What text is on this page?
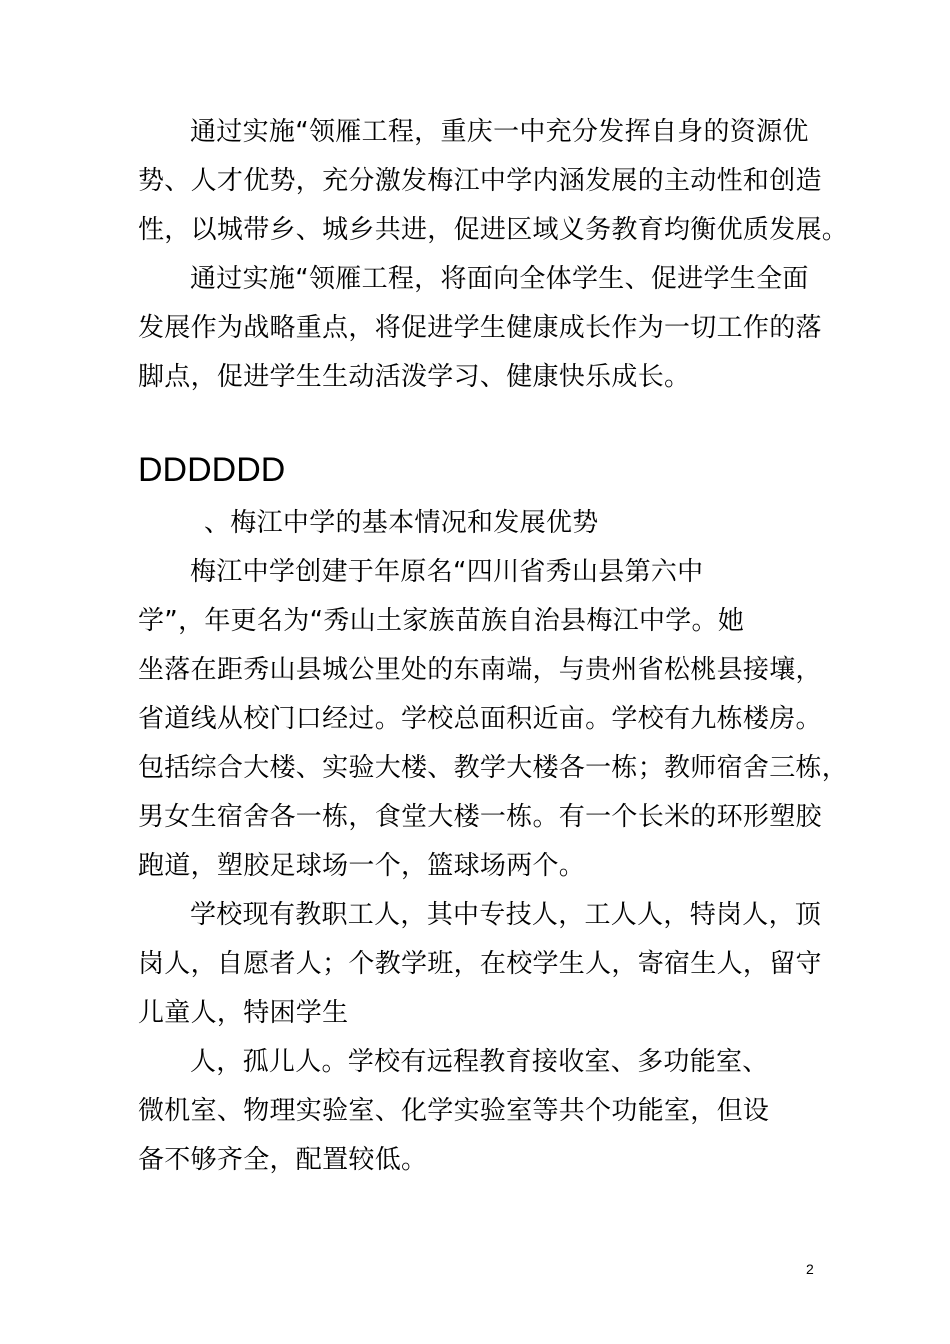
通过实施“领雁工程，重庆一中充分发挥自身的资源优
势、人才优势，充分激发梅江中学内涵发展的主动性和创造
性，以城带乡、城乡共进，促进区域义务教育均衡优质发展。
通过实施“领雁工程，将面向全体学生、促进学生全面
发展作为战略重点，将促进学生健康成长作为一切工作的落
脚点，促进学生生动活泼学习、健康快乐成长。
DDDDDD
、梅江中学的基本情况和发展优势
梅江中学创建于年原名“四川省秀山县第六中
学”，年更名为“秀山土家族苗族自治县梅江中学。她
坐落在距秀山县城公里处的东南端，与贵州省松桃县接壤，
省道线从校门口经过。学校总面积近亩。学校有九栋楼房。
包括综合大楼、实验大楼、教学大楼各一栋；教师宿舍三栋，
男女生宿舍各一栋，食堂大楼一栋。有一个长米的环形塑胶
跑道，塑胶足球场一个，篮球场两个。
学校现有教职工人，其中专技人，工人人，特岗人，顶
岗人，自愿者人；个教学班，在校学生人，寄宿生人，留守
儿童人，特困学生
人，孤儿人。学校有远程教育接收室、多功能室、
微机室、物理实验室、化学实验室等共个功能室，但设
备不够齐全，配置较低。
2
